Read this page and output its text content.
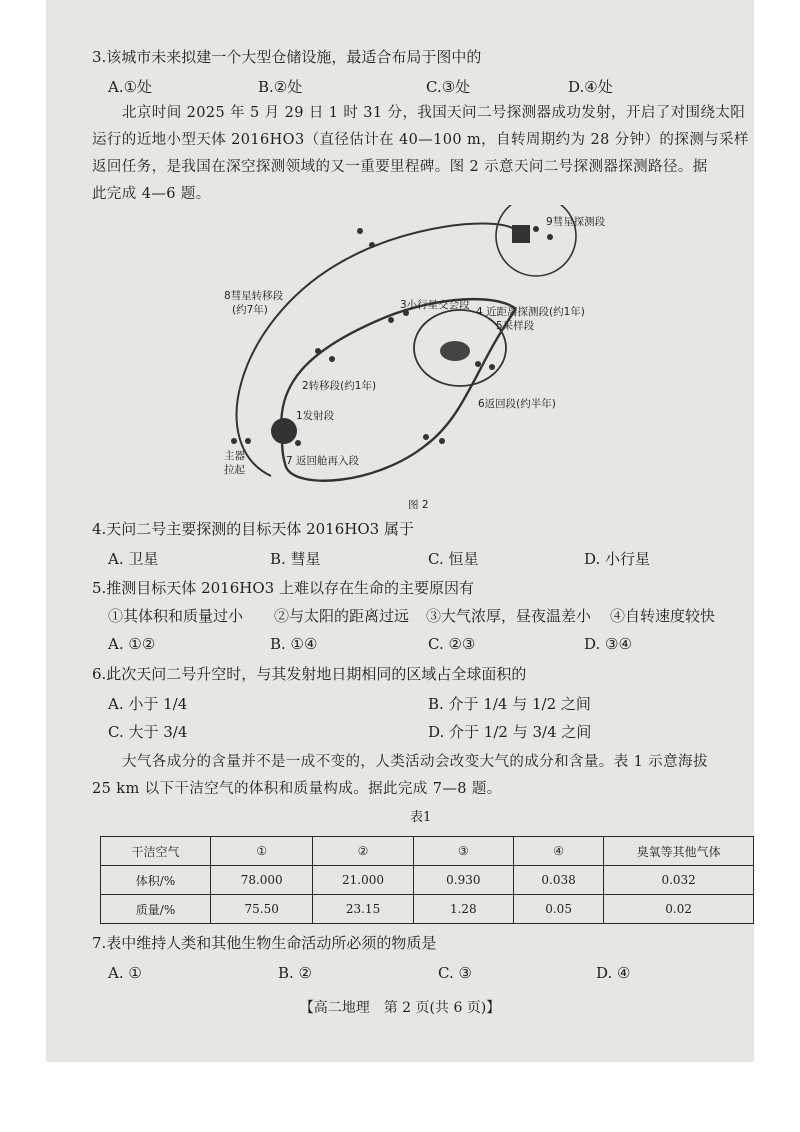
3.该城市未来拟建一个大型仓储设施，最适合布局于图中的
A.①处	B.②处	C.③处	D.④处
北京时间 2025 年 5 月 29 日 1 时 31 分，我国天问二号探测器成功发射，开启了对围绕太阳
运行的近地小型天体 2016HO3（直径估计在 40—100 m，自转周期约为 28 分钟）的探测与采样
返回任务，是我国在深空探测领域的又一重要里程碑。图 2 示意天问二号探测器探测路径。据
此完成 4—6 题。
1发射段
2转移段(约1年)
3小行星交会段
4 近距离探测段(约1年)
5采样段
6返回段(约半年)
7 返回舱再入段
8彗星转移段
(约7年)
9彗星探测段
主器
拉起
图 2
4.天问二号主要探测的目标天体 2016HO3 属于
A. 卫星	B. 彗星	C. 恒星	D. 小行星
5.推测目标天体 2016HO3 上难以存在生命的主要原因有
①其体积和质量过小 ②与太阳的距离过远 ③大气浓厚，昼夜温差小 ④自转速度较快
A. ①②	B. ①④	C. ②③	D. ③④
6.此次天问二号升空时，与其发射地日期相同的区域占全球面积的
A. 小于 1/4	B. 介于 1/4 与 1/2 之间
C. 大于 3/4	D. 介于 1/2 与 3/4 之间
大气各成分的含量并不是一成不变的，人类活动会改变大气的成分和含量。表 1 示意海拔
25 km 以下干洁空气的体积和质量构成。据此完成 7—8 题。
表1
干洁空气	①	②	③	④	臭氧等其他气体
体积/%	78.000	21.000	0.930	0.038	0.032
质量/%	75.50	23.15	1.28	0.05	0.02
7.表中维持人类和其他生物生命活动所必须的物质是
A. ①	B. ②	C. ③	D. ④
【高二地理　第 2 页(共 6 页)】
